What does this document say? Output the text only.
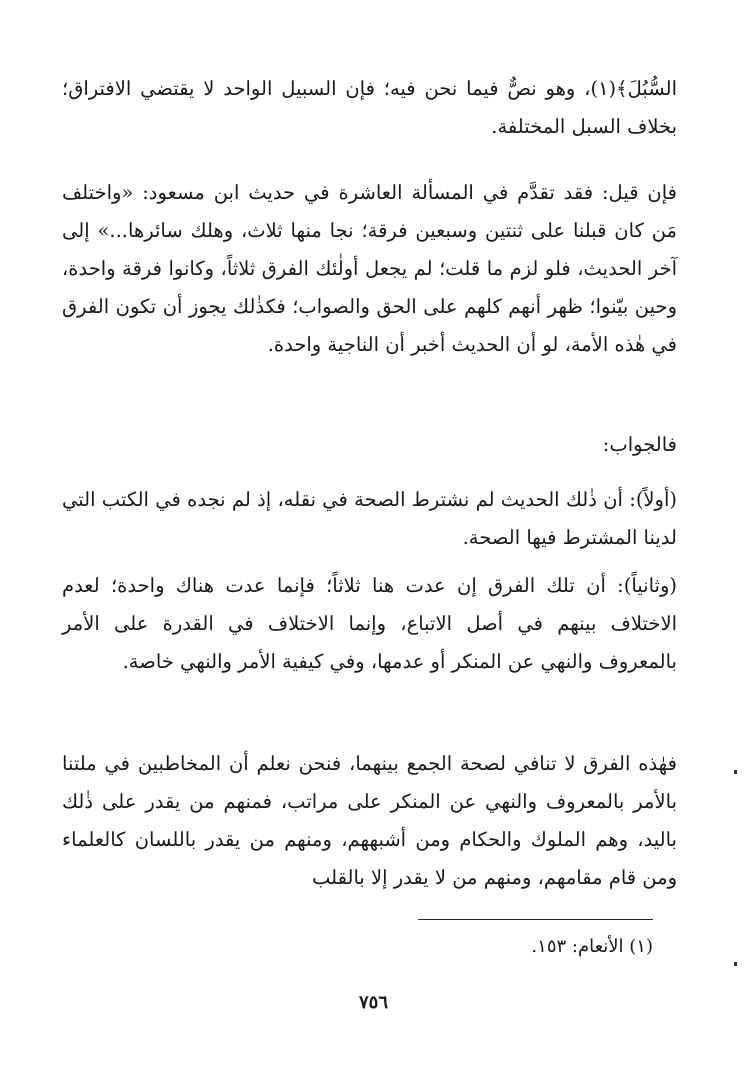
السُّبُلَ﴾(١)، وهو نصٌّ فيما نحن فيه؛ فإن السبيل الواحد لا يقتضي الافتراق؛ بخلاف السبل المختلفة.

فإن قيل: فقد تقدَّم في المسألة العاشرة في حديث ابن مسعود: «واختلف مَن كان قبلنا على ثنتين وسبعين فرقة؛ نجا منها ثلاث، وهلك سائرها...» إلى آخر الحديث، فلو لزم ما قلت؛ لم يجعل أولٰئك الفرق ثلاثاً، وكانوا فرقة واحدة، وحين بيّنوا؛ ظهر أنهم كلهم على الحق والصواب؛ فكذٰلك يجوز أن تكون الفرق في هٰذه الأمة، لو أن الحديث أخبر أن الناجية واحدة.

فالجواب:

(أولاً): أن ذٰلك الحديث لم نشترط الصحة في نقله، إذ لم نجده في الكتب التي لدينا المشترط فيها الصحة.

(وثانياً): أن تلك الفرق إن عدت هنا ثلاثاً؛ فإنما عدت هناك واحدة؛ لعدم الاختلاف بينهم في أصل الاتباع، وإنما الاختلاف في القدرة على الأمر بالمعروف والنهي عن المنكر أو عدمها، وفي كيفية الأمر والنهي خاصة.

فهٰذه الفرق لا تنافي لصحة الجمع بينهما، فنحن نعلم أن المخاطبين في ملتنا بالأمر بالمعروف والنهي عن المنكر على مراتب، فمنهم من يقدر على ذٰلك باليد، وهم الملوك والحكام ومن أشبههم، ومنهم من يقدر باللسان كالعلماء ومن قام مقامهم، ومنهم من لا يقدر إلا بالقلب

(١) الأنعام: ١٥٣.

٧٥٦
